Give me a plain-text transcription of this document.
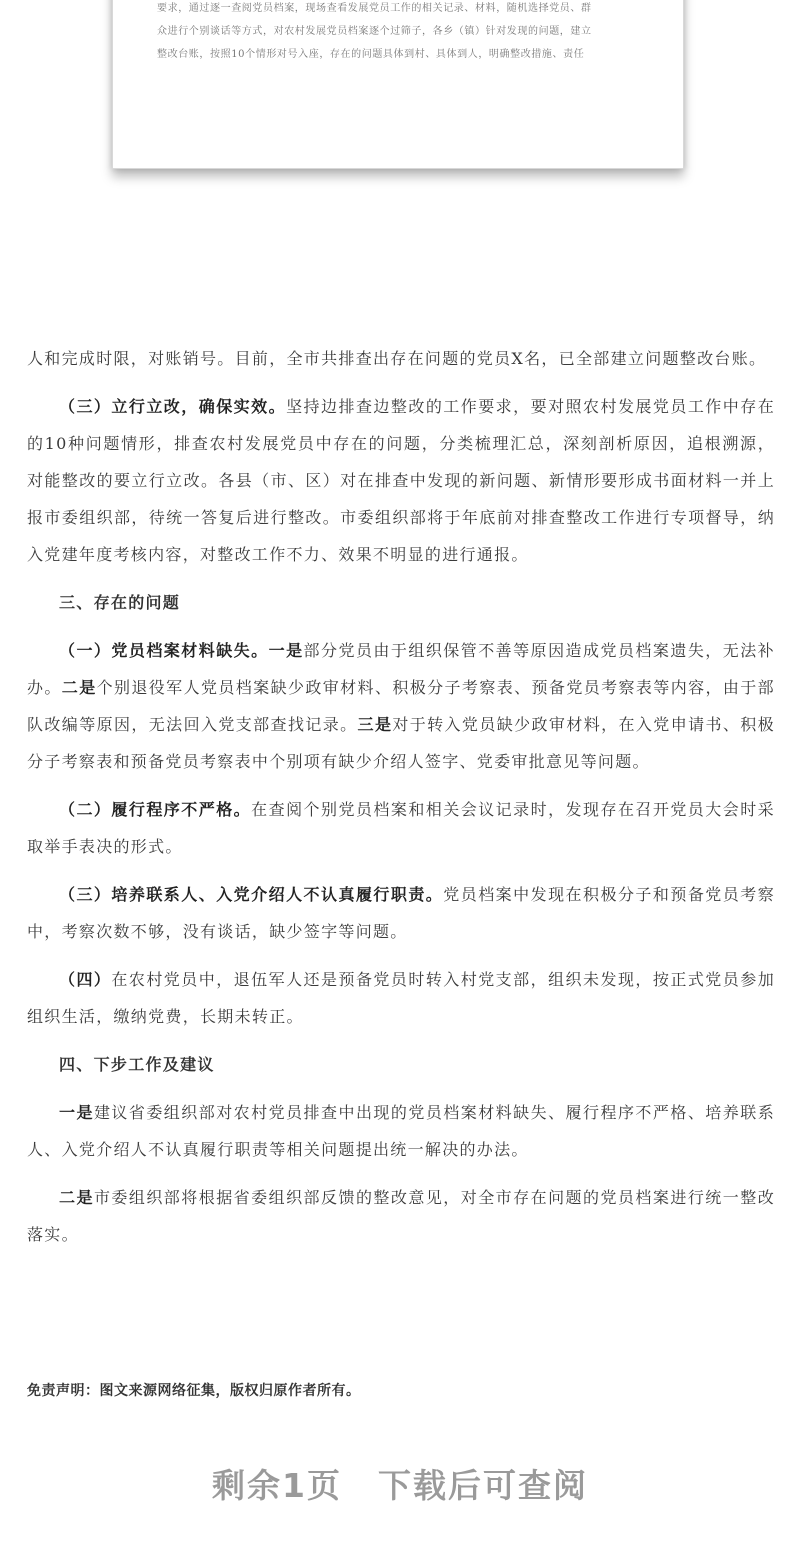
要求，通过逐一查阅党员档案，现场查看发展党员工作的相关记录、材料，随机选择党员、群

众进行个别谈话等方式，对农村发展党员档案逐个过筛子，各乡（镇）针对发现的问题，建立

整改台账，按照10个情形对号入座，存在的问题具体到村、具体到人，明确整改措施、责任

人和完成时限，对账销号。目前，全市共排查出存在问题的党员X名，已全部建立问题整改台账。

（三）立行立改，确保实效。坚持边排查边整改的工作要求，要对照农村发展党员工作中存在的10种问题情形，排查农村发展党员中存在的问题，分类梳理汇总，深刻剖析原因，追根溯源，对能整改的要立行立改。各县（市、区）对在排查中发现的新问题、新情形要形成书面材料一并上报市委组织部，待统一答复后进行整改。市委组织部将于年底前对排查整改工作进行专项督导，纳入党建年度考核内容，对整改工作不力、效果不明显的进行通报。

三、存在的问题

（一）党员档案材料缺失。一是部分党员由于组织保管不善等原因造成党员档案遗失，无法补办。二是个别退役军人党员档案缺少政审材料、积极分子考察表、预备党员考察表等内容，由于部队改编等原因，无法回入党支部查找记录。三是对于转入党员缺少政审材料，在入党申请书、积极分子考察表和预备党员考察表中个别项有缺少介绍人签字、党委审批意见等问题。

（二）履行程序不严格。在查阅个别党员档案和相关会议记录时，发现存在召开党员大会时采取举手表决的形式。

（三）培养联系人、入党介绍人不认真履行职责。党员档案中发现在积极分子和预备党员考察中，考察次数不够，没有谈话，缺少签字等问题。

（四）在农村党员中，退伍军人还是预备党员时转入村党支部，组织未发现，按正式党员参加组织生活，缴纳党费，长期未转正。

四、下步工作及建议

一是建议省委组织部对农村党员排查中出现的党员档案材料缺失、履行程序不严格、培养联系人、入党介绍人不认真履行职责等相关问题提出统一解决的办法。

二是市委组织部将根据省委组织部反馈的整改意见，对全市存在问题的党员档案进行统一整改落实。

免责声明：图文来源网络征集，版权归原作者所有。

剩余1页 下载后可查阅
